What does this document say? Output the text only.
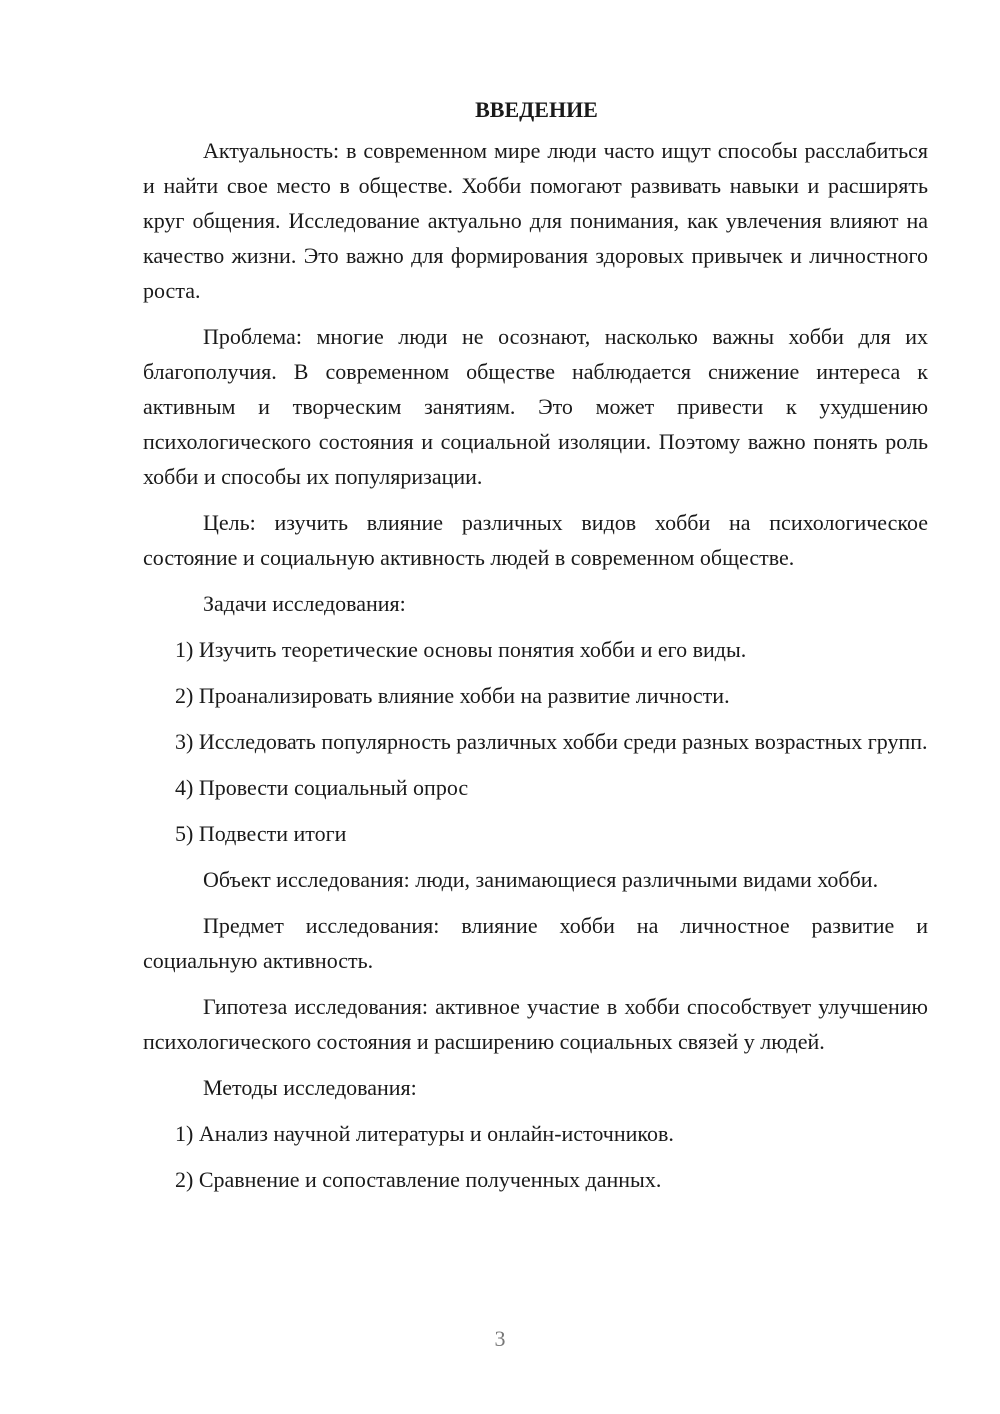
ВВЕДЕНИЕ

Актуальность: в современном мире люди часто ищут способы расслабиться и найти свое место в обществе. Хобби помогают развивать навыки и расширять круг общения. Исследование актуально для понимания, как увлечения влияют на качество жизни. Это важно для формирования здоровых привычек и личностного роста.

Проблема: многие люди не осознают, насколько важны хобби для их благополучия. В современном обществе наблюдается снижение интереса к активным и творческим занятиям. Это может привести к ухудшению психологического состояния и социальной изоляции. Поэтому важно понять роль хобби и способы их популяризации.

Цель: изучить влияние различных видов хобби на психологическое состояние и социальную активность людей в современном обществе.

Задачи исследования:

1) Изучить теоретические основы понятия хобби и его виды.

2) Проанализировать влияние хобби на развитие личности.

3) Исследовать популярность различных хобби среди разных возрастных групп.

4) Провести социальный опрос

5) Подвести итоги

Объект исследования: люди, занимающиеся различными видами хобби.

Предмет исследования: влияние хобби на личностное развитие и социальную активность.

Гипотеза исследования: активное участие в хобби способствует улучшению психологического состояния и расширению социальных связей у людей.

Методы исследования:

1) Анализ научной литературы и онлайн-источников.

2) Сравнение и сопоставление полученных данных.

3
